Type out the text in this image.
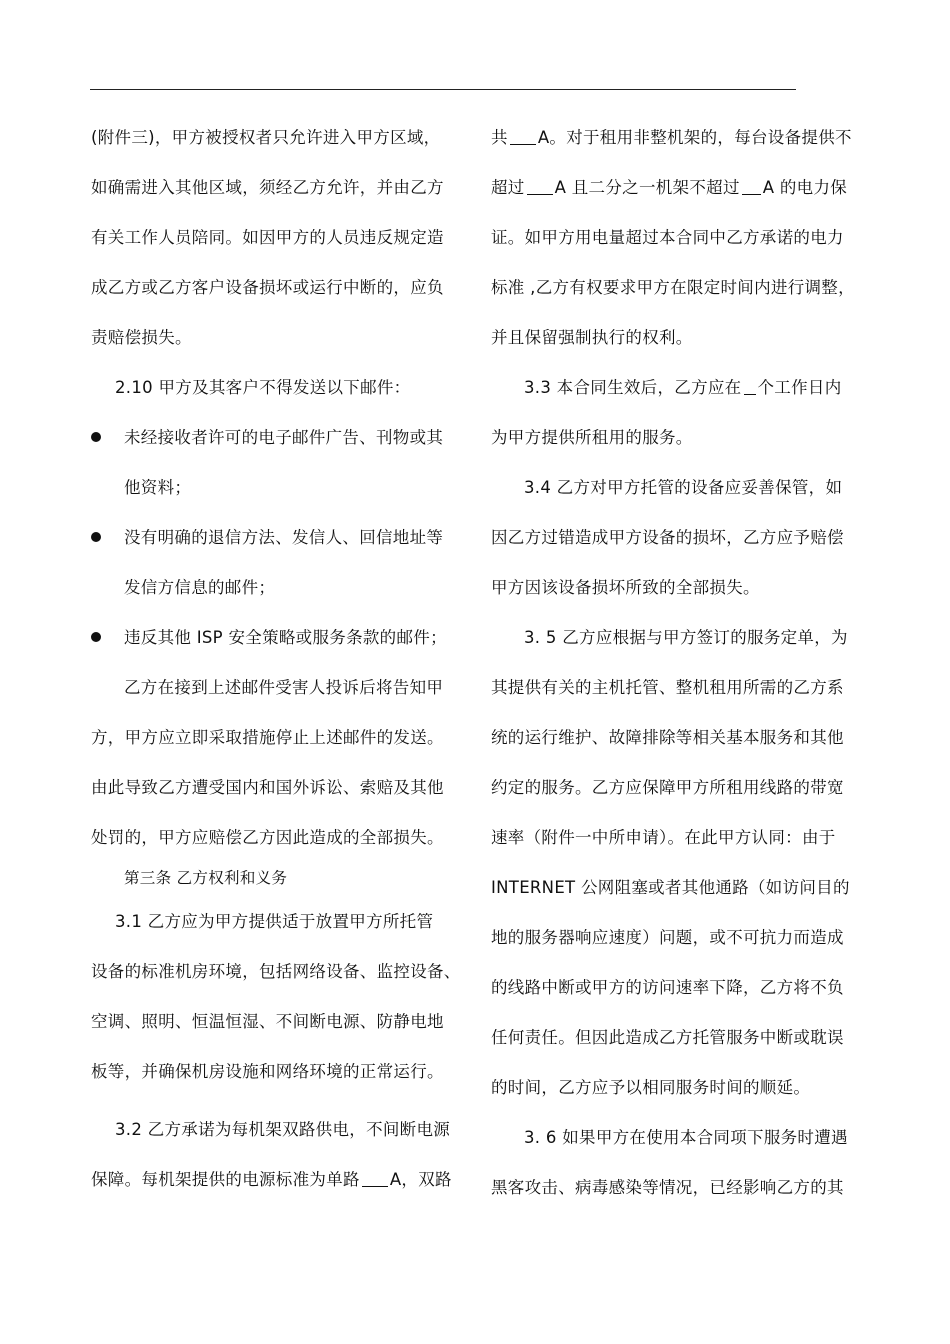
(附件三)，甲方被授权者只允许进入甲方区域，
如确需进入其他区域，须经乙方允许，并由乙方
有关工作人员陪同。如因甲方的人员违反规定造
成乙方或乙方客户设备损坏或运行中断的，应负
责赔偿损失。
2.10 甲方及其客户不得发送以下邮件：
未经接收者许可的电子邮件广告、刊物或其
他资料；
没有明确的退信方法、发信人、回信地址等
发信方信息的邮件；
违反其他 ISP 安全策略或服务条款的邮件；
乙方在接到上述邮件受害人投诉后将告知甲
方，甲方应立即采取措施停止上述邮件的发送。
由此导致乙方遭受国内和国外诉讼、索赔及其他
处罚的，甲方应赔偿乙方因此造成的全部损失。
第三条 乙方权利和义务
3.1 乙方应为甲方提供适于放置甲方所托管
设备的标准机房环境，包括网络设备、监控设备、
空调、照明、恒温恒湿、不间断电源、防静电地
板等，并确保机房设施和网络环境的正常运行。
3.2 乙方承诺为每机架双路供电，不间断电源
保障。每机架提供的电源标准为单路 A，双路
共 A。对于租用非整机架的，每台设备提供不
超过 A 且二分之一机架不超过 A 的电力保
证。如甲方用电量超过本合同中乙方承诺的电力
标准 ,乙方有权要求甲方在限定时间内进行调整，
并且保留强制执行的权利。
3.3 本合同生效后，乙方应在 个工作日内
为甲方提供所租用的服务。
3.4 乙方对甲方托管的设备应妥善保管，如
因乙方过错造成甲方设备的损坏，乙方应予赔偿
甲方因该设备损坏所致的全部损失。
3. 5 乙方应根据与甲方签订的服务定单，为
其提供有关的主机托管、整机租用所需的乙方系
统的运行维护、故障排除等相关基本服务和其他
约定的服务。乙方应保障甲方所租用线路的带宽
速率（附件一中所申请）。在此甲方认同：由于
INTERNET 公网阻塞或者其他通路（如访问目的
地的服务器响应速度）问题，或不可抗力而造成
的线路中断或甲方的访问速率下降，乙方将不负
任何责任。但因此造成乙方托管服务中断或耽误
的时间，乙方应予以相同服务时间的顺延。
3. 6 如果甲方在使用本合同项下服务时遭遇
黑客攻击、病毒感染等情况，已经影响乙方的其
